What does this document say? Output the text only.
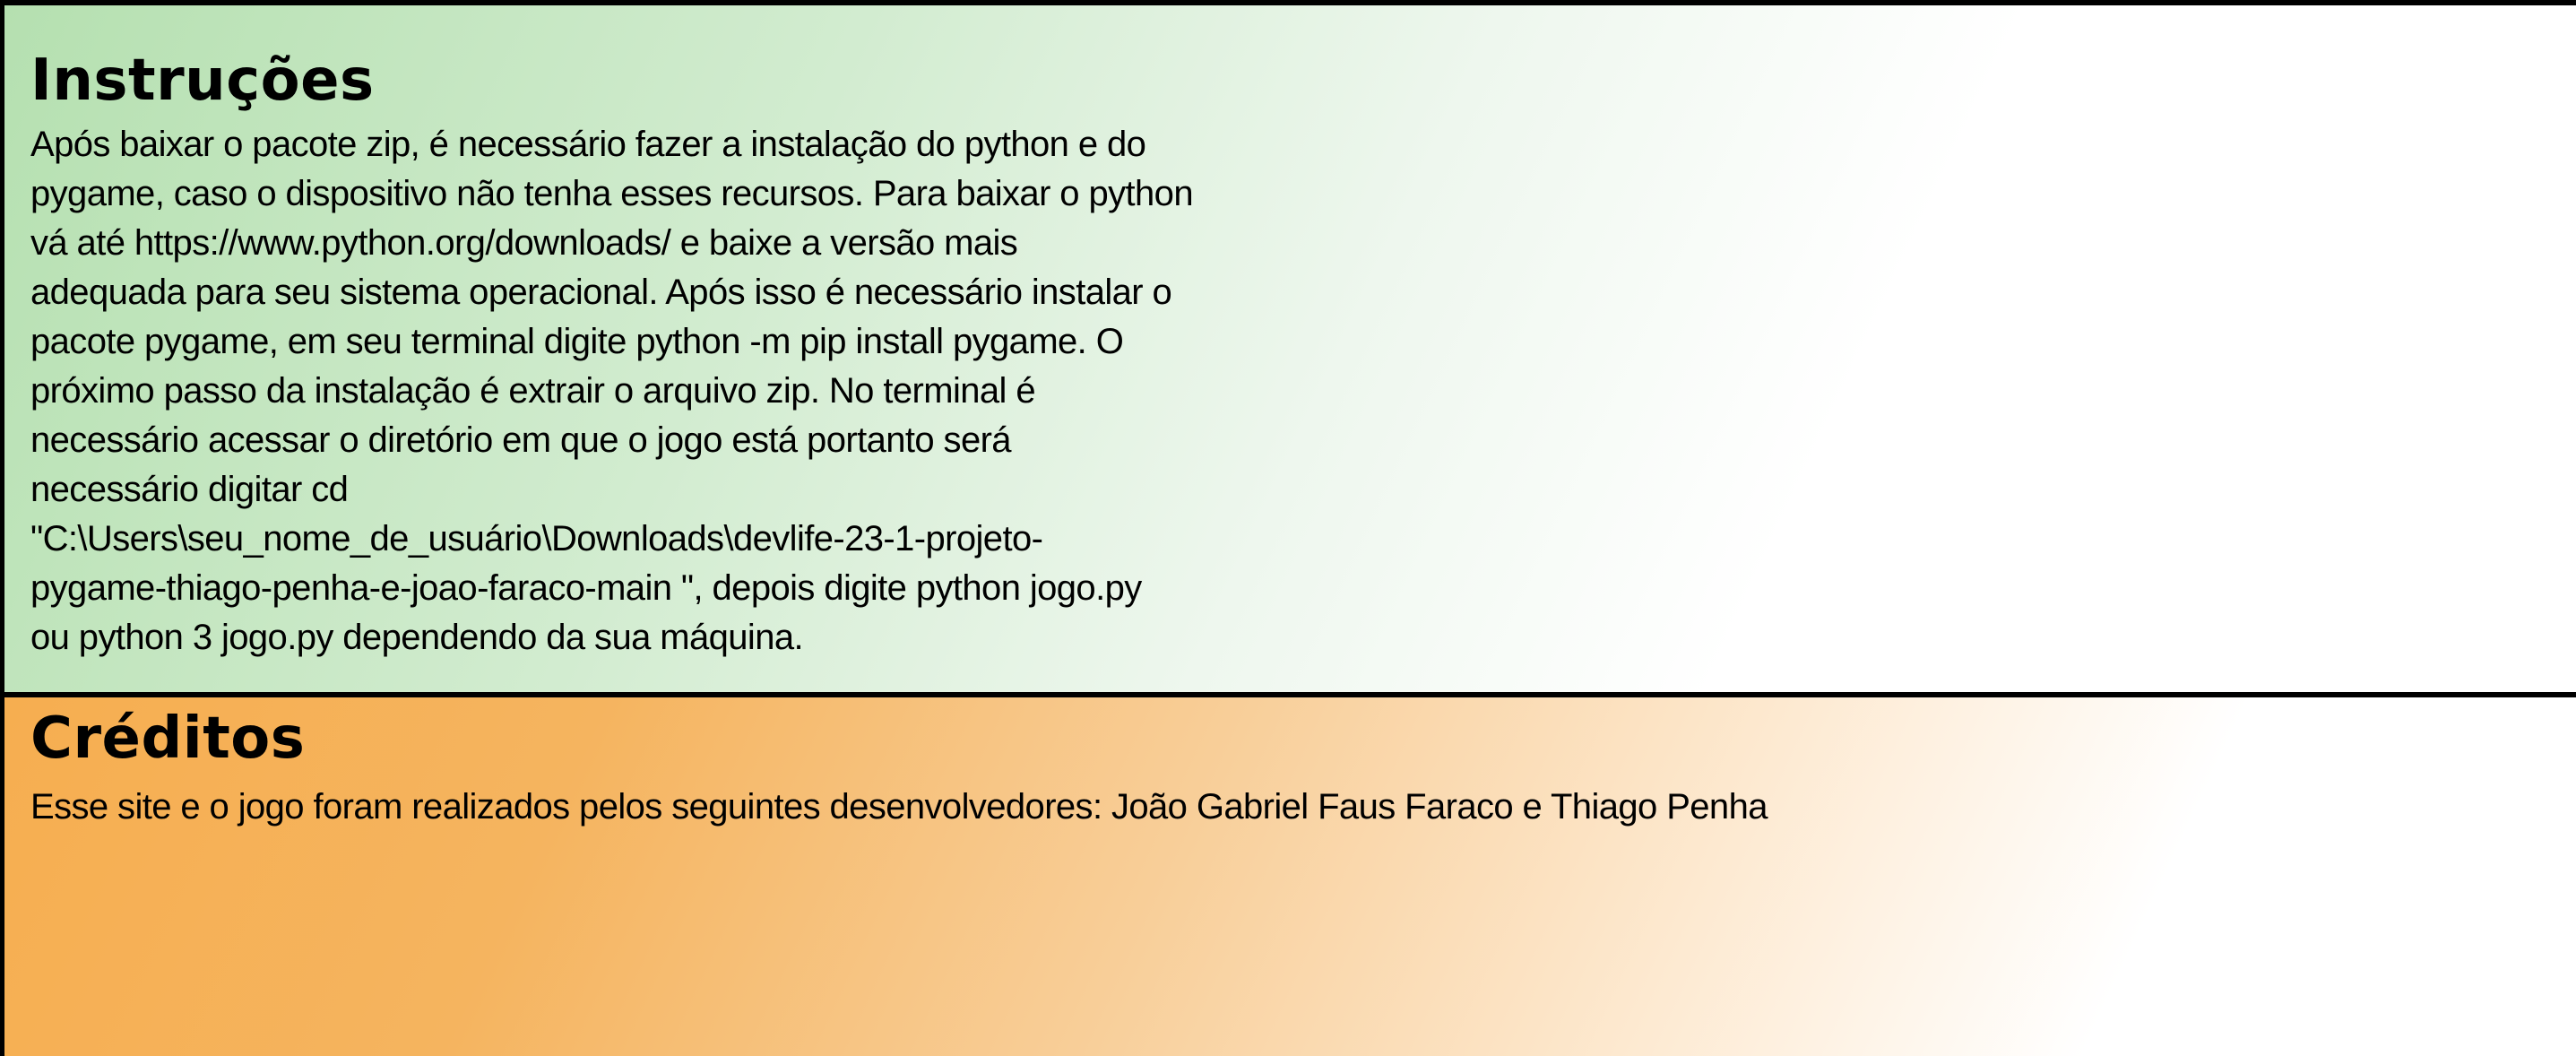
Instruções
Após baixar o pacote zip, é necessário fazer a instalação do python e do
pygame, caso o dispositivo não tenha esses recursos. Para baixar o python
vá até https://www.python.org/downloads/ e baixe a versão mais
adequada para seu sistema operacional. Após isso é necessário instalar o
pacote pygame, em seu terminal digite python -m pip install pygame. O
próximo passo da instalação é extrair o arquivo zip. No terminal é
necessário acessar o diretório em que o jogo está portanto será
necessário digitar cd
"C:\Users\seu_nome_de_usuário\Downloads\devlife-23-1-projeto-
pygame-thiago-penha-e-joao-faraco-main ", depois digite python jogo.py
ou python 3 jogo.py dependendo da sua máquina.
Créditos

Esse site e o jogo foram realizados pelos seguintes desenvolvedores: João Gabriel Faus Faraco e Thiago Penha
